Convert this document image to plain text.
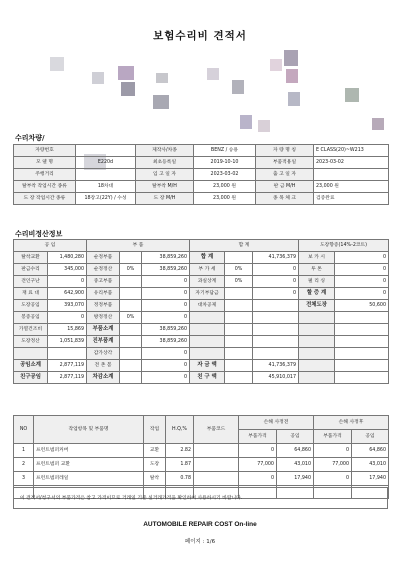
보험수리비 견적서
수리차량/
자량번호		제작사/차종	BENZ / 승용	자 량 명 칭	E CLASS(20)~W213
모 델 명	E220d	최초등록일	2019-10-10	부품적용일	2023-03-02
주행거리		입 고 일 자	2023-03-02	출 고 일 자	
탈부착 작업시간 종류	18차대	탈부착 M/H	23,000 원	판 금 M/H	23,000 원
도 장 작업시간 종류	18장고(22Y) / 수성	도 장 M/H	23,000 원	종 목 체 크	검증완료
수리비정산정보
공 임		부 품			합 계			도장향증(14%-2코트)	
탈착교환	1,480,280	순정부품		38,859,260	합 계		41,736,379	보 카 시	0
판금수리	345,000	순정정산	0%	38,859,260	부 가 세	0%	0	투 톤	0
견인구난	0	중고부품		0	과실상계	0%	0	펄 리 싱	0
재 료 대	642,900	유리부품		0	자기부담금		0	할 증 계	0
도장공임	393,070	정정부품		0	대차공제			전체도장	50,600
봉증공임	0	방정정산	0%	0					
가열건조비	15,869	부품소계		38,859,260					
도장정산	1,051,839	진부품계		38,859,260					
		감가상각		0					
공임소계	2,877,119	전 촌 봄		0	자 금 액		41,736,379		
친구공임	2,877,119	차감소계		0	친 구 액		45,910,017		
NO	작업항목 및 부품명	작업	H.Q,%	부품코드	손해 사정전		손해 사정후	
					부품가격	공임	부품가격	공임
1	프런트범퍼커버	교환	2.82		0	64,860	0	64,860
2	프런트범퍼 교환	도장	1.87		77,000	43,010	77,000	43,010
3	프런트범퍼레일	탈착	0.78		0	17,940	0	17,940

이 견적서/청구서의 부품가격은 참고 가격이므로 거래일 기준 실거래가격을 확인하여 사용하시기 바랍니다.
AUTOMOBILE REPAIR COST On-line
페이지 : 1/6
